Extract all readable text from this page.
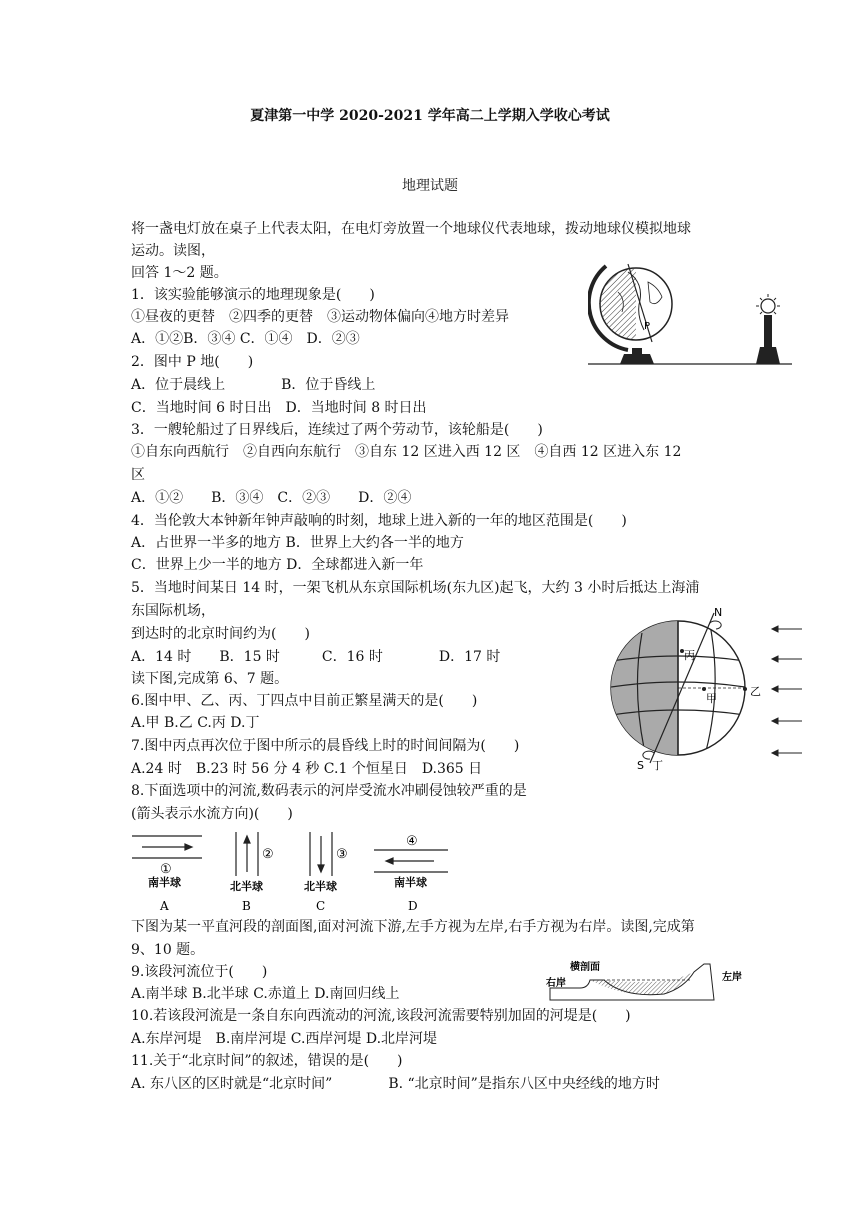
夏津第一中学 2020-2021 学年高二上学期入学收心考试
地理试题
将一盏电灯放在桌子上代表太阳，在电灯旁放置一个地球仪代表地球，拨动地球仪模拟地球
运动。读图，
回答 1～2 题。
1．该实验能够演示的地理现象是(　　)
①昼夜的更替　②四季的更替　③运动物体偏向④地方时差异
A．①②B．③④ C．①④　D．②③
2．图中 P 地(　　)
A．位于晨线上　　　　B．位于昏线上
C．当地时间 6 时日出　D．当地时间 8 时日出
3．一艘轮船过了日界线后，连续过了两个劳动节，该轮船是(　　)
①自东向西航行　②自西向东航行　③自东 12 区进入西 12 区　④自西 12 区进入东 12
区
A．①②　　B．③④　C．②③　　D．②④
4．当伦敦大本钟新年钟声敲响的时刻，地球上进入新的一年的地区范围是(　　)
A．占世界一半多的地方 B．世界上大约各一半的地方
C．世界上少一半的地方 D．全球都进入新一年
5．当地时间某日 14 时，一架飞机从东京国际机场(东九区)起飞，大约 3 小时后抵达上海浦
东国际机场，
到达时的北京时间约为(　　)
A．14 时　　B．15 时　　　C．16 时　　　　D．17 时
读下图,完成第 6、7 题。
6.图中甲、乙、丙、丁四点中目前正繁星满天的是(　　)
A.甲 B.乙 C.丙 D.丁
7.图中丙点再次位于图中所示的晨昏线上时的时间间隔为(　　)
A.24 时　B.23 时 56 分 4 秒 C.1 个恒星日　D.365 日
8.下面选项中的河流,数码表示的河岸受流水冲刷侵蚀较严重的是
(箭头表示水流方向)(　　)
下图为某一平直河段的剖面图,面对河流下游,左手方视为左岸,右手方视为右岸。读图,完成第
9、10 题。
9.该段河流位于(　　)
A.南半球 B.北半球 C.赤道上 D.南回归线上
10.若该段河流是一条自东向西流动的河流,该段河流需要特别加固的河堤是(　　)
A.东岸河堤　B.南岸河堤 C.西岸河堤 D.北岸河堤
11.关于“北京时间”的叙述，错误的是(　　)
A. 东八区的区时就是“北京时间”　　　　B. “北京时间”是指东八区中央经线的地方时
P
N
S
丙
甲
乙
丁
①
②	③
④
南半球	北半球	北半球	南半球
A	B	C	D
横剖面
右岸
左岸
